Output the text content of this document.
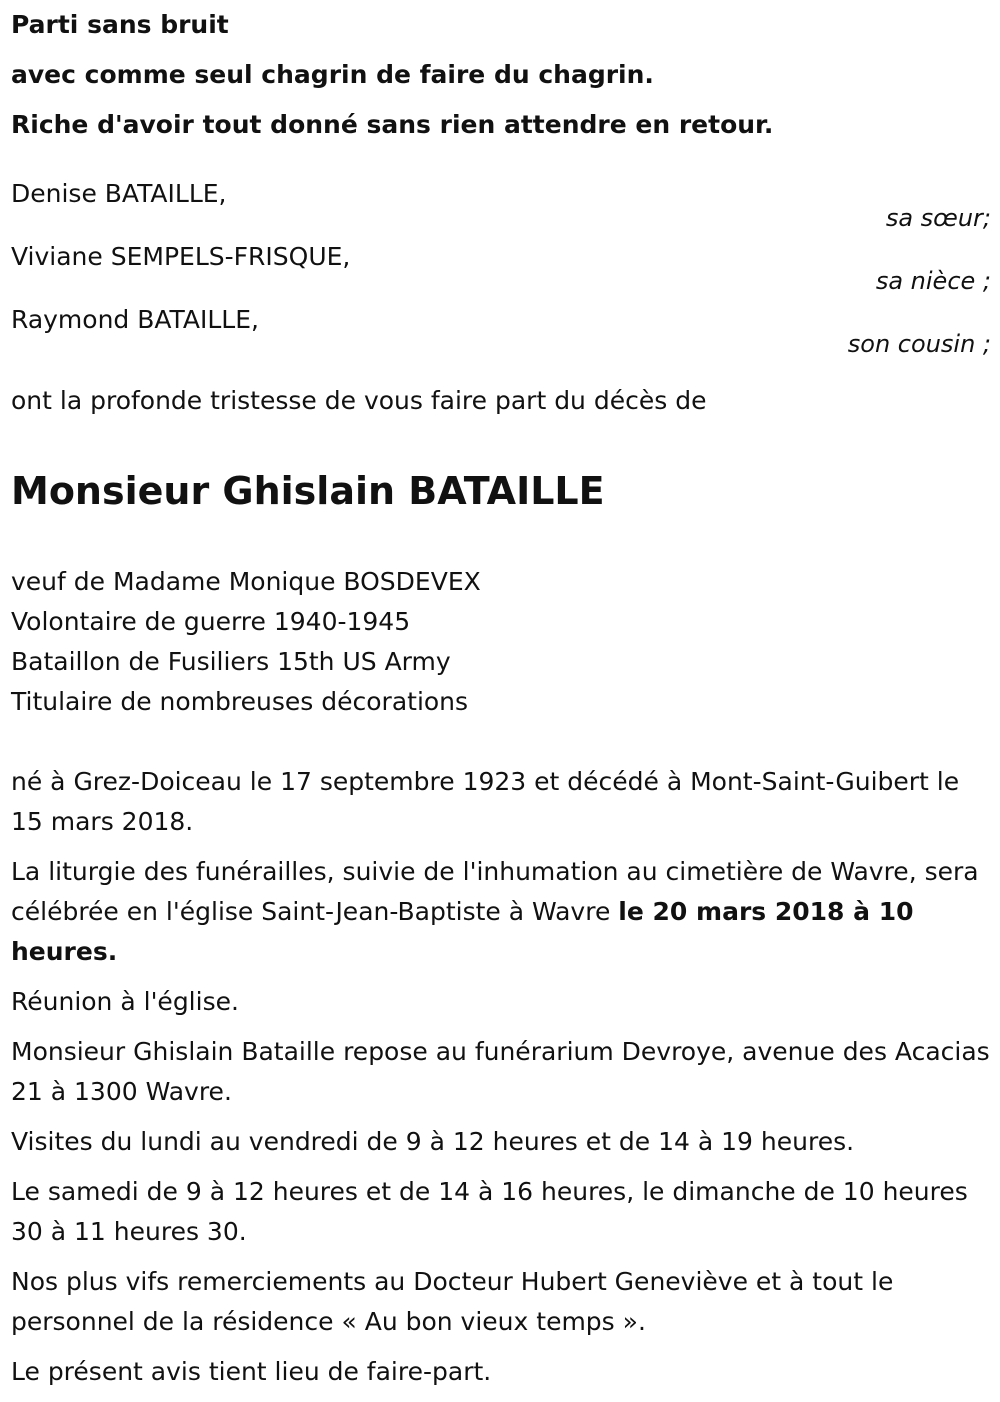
Parti sans bruit

avec comme seul chagrin de faire du chagrin.

Riche d'avoir tout donné sans rien attendre en retour.

Denise BATAILLE,
sa sœur;
Viviane SEMPELS-FRISQUE,
sa nièce ;
Raymond BATAILLE,
son cousin ;
ont la profonde tristesse de vous faire part du décès de
Monsieur Ghislain BATAILLE
veuf de Madame Monique BOSDEVEX
Volontaire de guerre 1940-1945
Bataillon de Fusiliers 15th US Army
Titulaire de nombreuses décorations

né à Grez-Doiceau le 17 septembre 1923 et décédé à Mont-Saint-Guibert le 15 mars 2018.

La liturgie des funérailles, suivie de l'inhumation au cimetière de Wavre, sera célébrée en l'église Saint-Jean-Baptiste à Wavre le 20 mars 2018 à 10 heures.

Réunion à l'église.

Monsieur Ghislain Bataille repose au funérarium Devroye, avenue des Acacias 21 à 1300 Wavre.

Visites du lundi au vendredi de 9 à 12 heures et de 14 à 19 heures.

Le samedi de 9 à 12 heures et de 14 à 16 heures, le dimanche de 10 heures 30 à 11 heures 30.

Nos plus vifs remerciements au Docteur Hubert Geneviève et à tout le personnel de la résidence « Au bon vieux temps ».

Le présent avis tient lieu de faire-part.
